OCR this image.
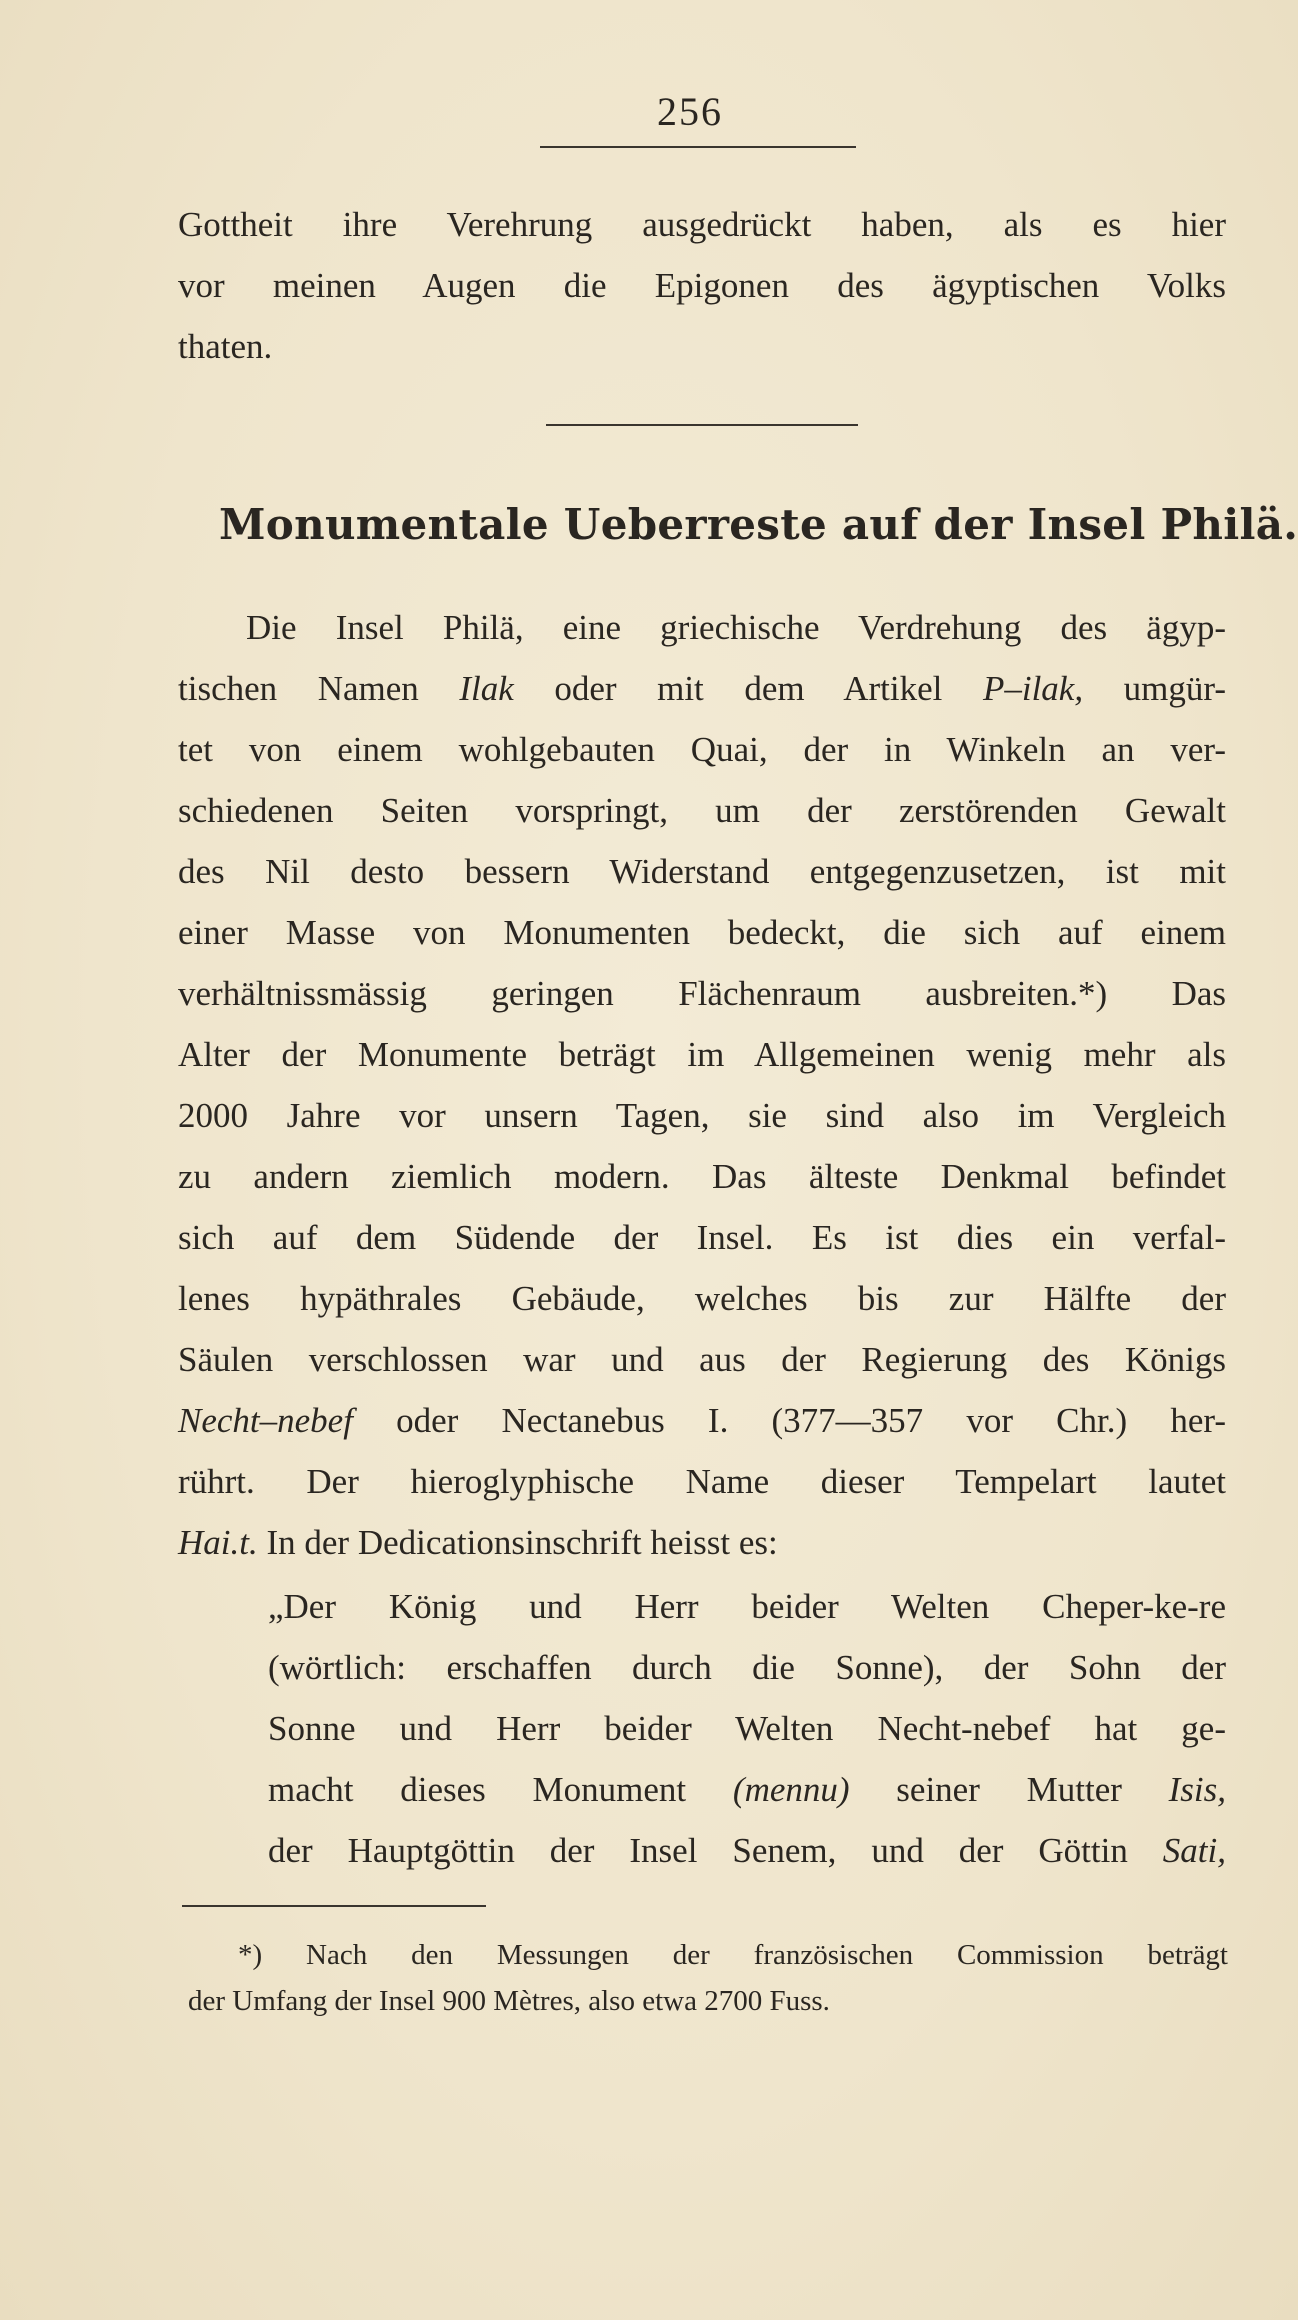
256
Gottheit ihre Verehrung ausgedrückt haben, als es hier
vor meinen Augen die Epigonen des ägyptischen Volks
thaten.
Monumentale Ueberreste auf der Insel Philä.
Die Insel Philä, eine griechische Verdrehung des ägyp-
tischen Namen Ilak oder mit dem Artikel P–ilak, umgür-
tet von einem wohlgebauten Quai, der in Winkeln an ver-
schiedenen Seiten vorspringt, um der zerstörenden Gewalt
des Nil desto bessern Widerstand entgegenzusetzen, ist mit
einer Masse von Monumenten bedeckt, die sich auf einem
verhältnissmässig geringen Flächenraum ausbreiten.*) Das
Alter der Monumente beträgt im Allgemeinen wenig mehr als
2000 Jahre vor unsern Tagen, sie sind also im Vergleich
zu andern ziemlich modern. Das älteste Denkmal befindet
sich auf dem Südende der Insel. Es ist dies ein verfal-
lenes hypäthrales Gebäude, welches bis zur Hälfte der
Säulen verschlossen war und aus der Regierung des Königs
Necht–nebef oder Nectanebus I. (377—357 vor Chr.) her-
rührt. Der hieroglyphische Name dieser Tempelart lautet
Hai.t. In der Dedicationsinschrift heisst es:
„Der König und Herr beider Welten Cheper-ke-re
(wörtlich: erschaffen durch die Sonne), der Sohn der
Sonne und Herr beider Welten Necht-nebef hat ge-
macht dieses Monument (mennu) seiner Mutter Isis,
der Hauptgöttin der Insel Senem, und der Göttin Sati,
*) Nach den Messungen der französischen Commission beträgt
der Umfang der Insel 900 Mètres, also etwa 2700 Fuss.
